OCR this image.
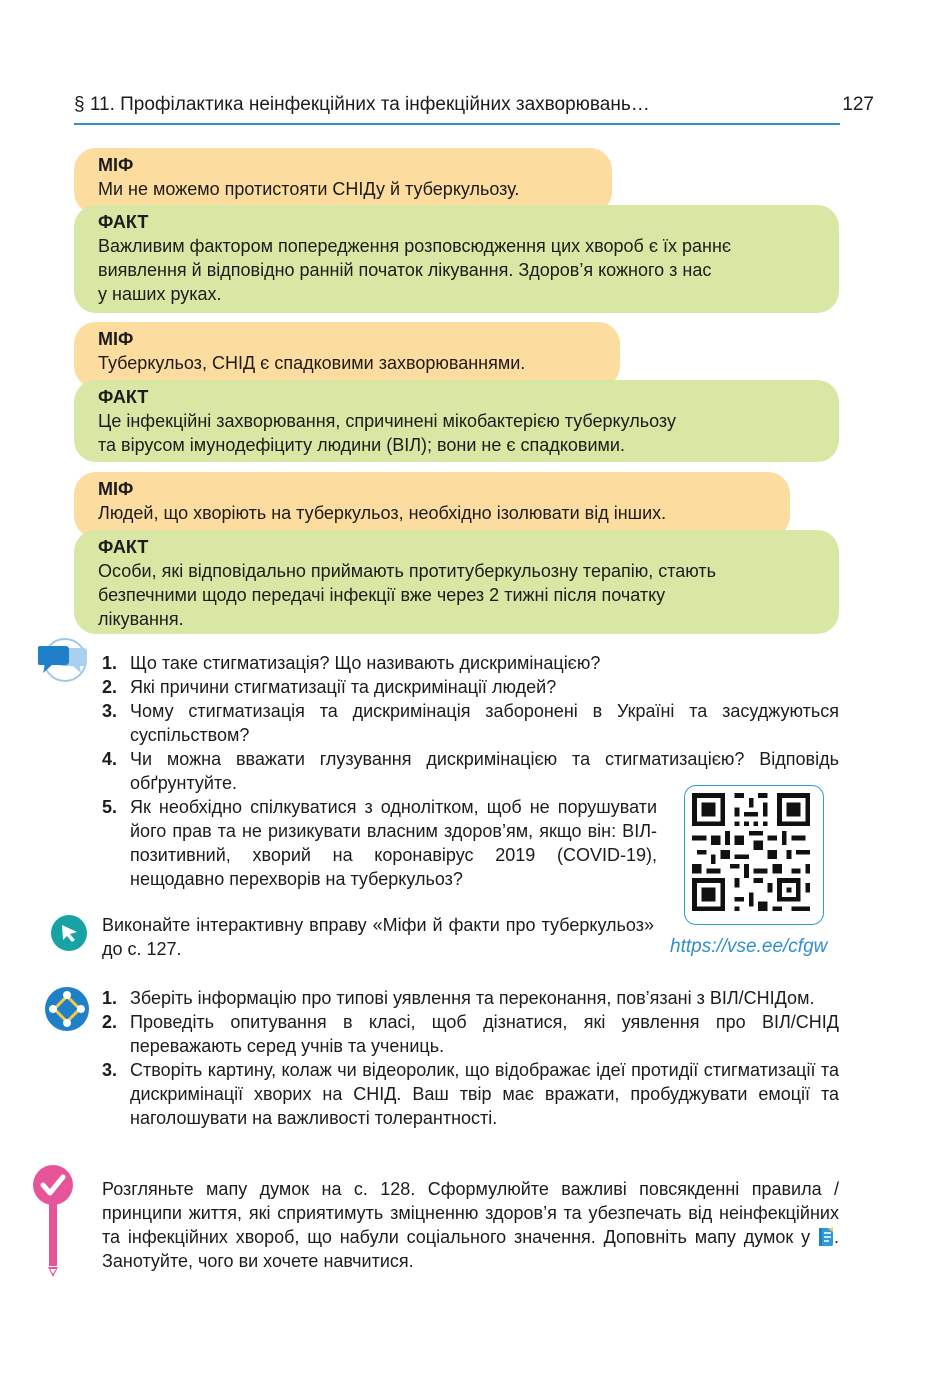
§ 11. Профілактика неінфекційних та інфекційних захворювань…	127
МІФ
Ми не можемо протистояти СНІДу й туберкульозу.
ФАКТ
Важливим фактором попередження розповсюдження цих хвороб є їх раннє
виявлення й відповідно ранній початок лікування. Здоров’я кожного з нас
у наших руках.
МІФ
Туберкульоз, СНІД є спадковими захворюваннями.
ФАКТ
Це інфекційні захворювання, спричинені мікобактерією туберкульозу
та вірусом імунодефіциту людини (ВІЛ); вони не є спадковими.
МІФ
Людей, що хворіють на туберкульоз, необхідно ізолювати від інших.
ФАКТ
Особи, які відповідально приймають протитуберкульозну терапію, стають
безпечними щодо передачі інфекції вже через 2 тижні після початку
лікування.
1. Що таке стигматизація? Що називають дискримінацією?
2. Які причини стигматизації та дискримінації людей?
3. Чому стигматизація та дискримінація заборонені в Україні та засуджуються суспільством?
4. Чи можна вважати глузування дискримінацією та стигматизацією? Відповідь обґрунтуйте.
5. Як необхідно спілкуватися з однолітком, щоб не порушувати його прав та не ризикувати власним здоров’ям, якщо він: ВІЛ-позитивний, хворий на коронавірус 2019 (COVID-19), нещодавно перехворів на туберкульоз?
https://vse.ee/cfgw
Виконайте інтерактивну вправу «Міфи й факти про туберкульоз» до с. 127.
1. Зберіть інформацію про типові уявлення та переконання, пов’язані з ВІЛ/СНІДом.
2. Проведіть опитування в класі, щоб дізнатися, які уявлення про ВІЛ/СНІД переважають серед учнів та учениць.
3. Створіть картину, колаж чи відеоролик, що відображає ідеї протидії стигматизації та дискримінації хворих на СНІД. Ваш твір має вражати, пробуджувати емоції та наголошувати на важливості толерантності.
Розгляньте мапу думок на с. 128. Сформулюйте важливі повсякденні правила / принципи життя, які сприятимуть зміцненню здоров’я та убезпечать від неінфекційних та інфекційних хвороб, що набули соціального значення. Доповніть мапу думок у . Занотуйте, чого ви хочете навчитися.
